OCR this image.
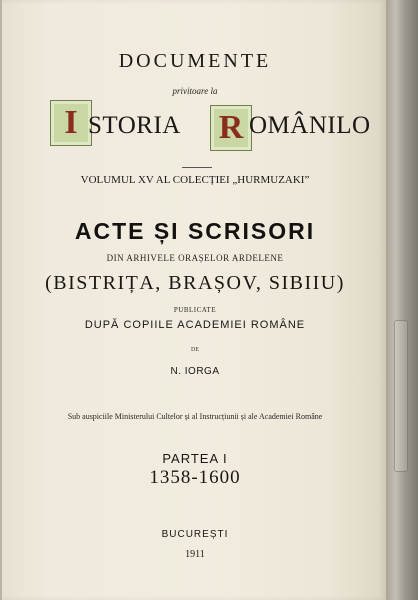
DOCUMENTE
privitoare la
I STORIA R OMÂNILO
VOLUMUL XV AL COLECȚIEI „HURMUZAKI”
ACTE ȘI SCRISORI
DIN ARHIVELE ORAȘELOR ARDELENE
(BISTRIȚA, BRAȘOV, SIBIIU)
PUBLICATE
DUPĂ COPIILE ACADEMIEI ROMÂNE
DE
N. IORGA
Sub auspiciile Ministerului Cultelor și al Instrucțiunii și ale Academiei Române
PARTEA I
1358-1600
BUCUREȘTI
1911
